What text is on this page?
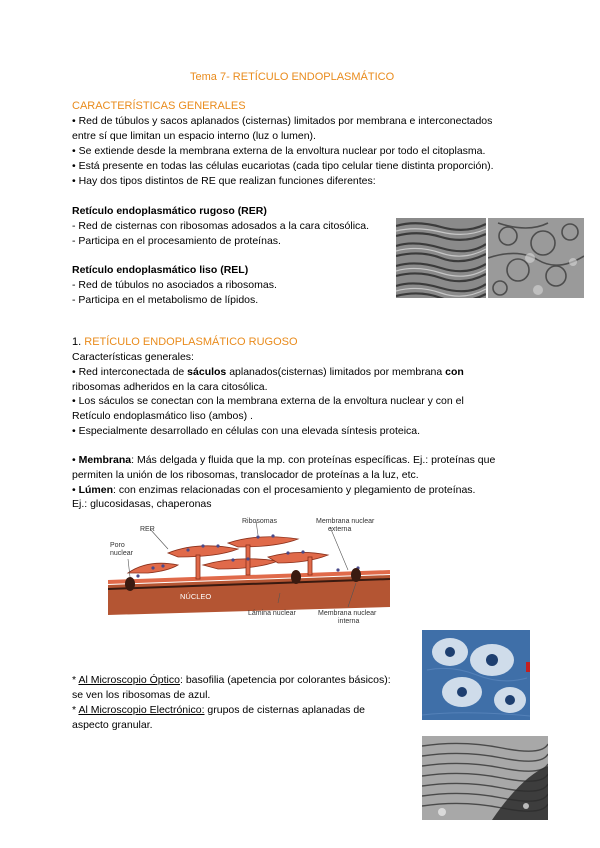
Tema 7- RETÍCULO ENDOPLASMÁTICO
CARACTERÍSTICAS GENERALES
• Red de túbulos y sacos aplanados (cisternas) limitados por membrana e interconectados
entre sí que limitan un espacio interno (luz o lumen).
• Se extiende desde la membrana externa de la envoltura nuclear por todo el citoplasma.
• Está presente en todas las células eucariotas (cada tipo celular tiene distinta proporción).
• Hay dos tipos distintos de RE que realizan funciones diferentes:
Retículo endoplasmático rugoso (RER)
- Red de cisternas con ribosomas adosados a la cara citosólica.
- Participa en el procesamiento de proteínas.
Retículo endoplasmático liso (REL)
- Red de túbulos no asociados a ribosomas.
- Participa en el metabolismo de lípidos.
1. RETÍCULO ENDOPLASMÁTICO RUGOSO
Características generales:
• Red interconectada de sáculos aplanados(cisternas) limitados por membrana con
ribosomas adheridos en la cara citosólica.
• Los sáculos se conectan con la membrana externa de la envoltura nuclear y con el
Retículo endoplasmático liso (ambos) .
• Especialmente desarrollado en células con una elevada síntesis proteica.
• Membrana: Más delgada y fluida que la mp. con proteínas específicas. Ej.: proteínas que
permiten la unión de los ribosomas, translocador de proteínas a la luz, etc.
• Lúmen: con enzimas relacionadas con el procesamiento y plegamiento de proteínas.
Ej.: glucosidasas, chaperonas
RER
Ribosomas
Poro
nuclear
Membrana nuclear
externa
NÚCLEO
Lámina nuclear	Membrana nuclear
interna
* Al Microscopio Óptico: basofilia (apetencia por colorantes básicos):
se ven los ribosomas de azul.
* Al Microscopio Electrónico: grupos de cisternas aplanadas de
aspecto granular.
